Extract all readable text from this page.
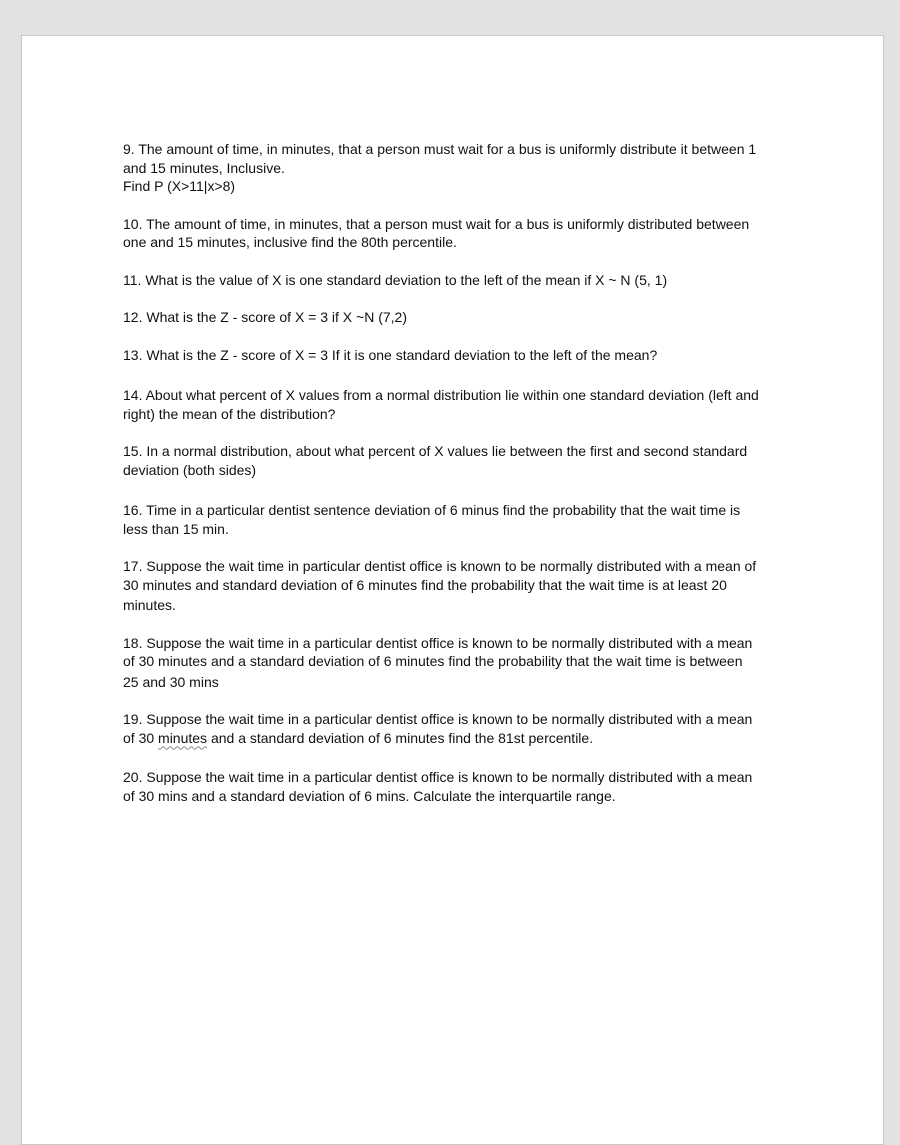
9. The amount of time, in minutes, that a person must wait for a bus is uniformly distribute it between 1
and 15 minutes, Inclusive.
Find P (X>11|x>8)

10. The amount of time, in minutes, that a person must wait for a bus is uniformly distributed between
one and 15 minutes, inclusive find the 80th percentile.

11. What is the value of X is one standard deviation to the left of the mean if X ~ N (5, 1)

12. What is the Z - score of X = 3 if X ~N (7,2)

13. What is the Z - score of X = 3 If it is one standard deviation to the left of the mean?

14. About what percent of X values from a normal distribution lie within one standard deviation (left and
right) the mean of the distribution?

15. In a normal distribution, about what percent of X values lie between the first and second standard
deviation (both sides)

16. Time in a particular dentist sentence deviation of 6 minus find the probability that the wait time is
less than 15 min.

17. Suppose the wait time in particular dentist office is known to be normally distributed with a mean of
30 minutes and standard deviation of 6 minutes find the probability that the wait time is at least 20
minutes.

18. Suppose the wait time in a particular dentist office is known to be normally distributed with a mean
of 30 minutes and a standard deviation of 6 minutes find the probability that the wait time is between
25 and 30 mins

19. Suppose the wait time in a particular dentist office is known to be normally distributed with a mean
of 30 minutes and a standard deviation of 6 minutes find the 81st percentile.

20. Suppose the wait time in a particular dentist office is known to be normally distributed with a mean
of 30 mins and a standard deviation of 6 mins. Calculate the interquartile range.
